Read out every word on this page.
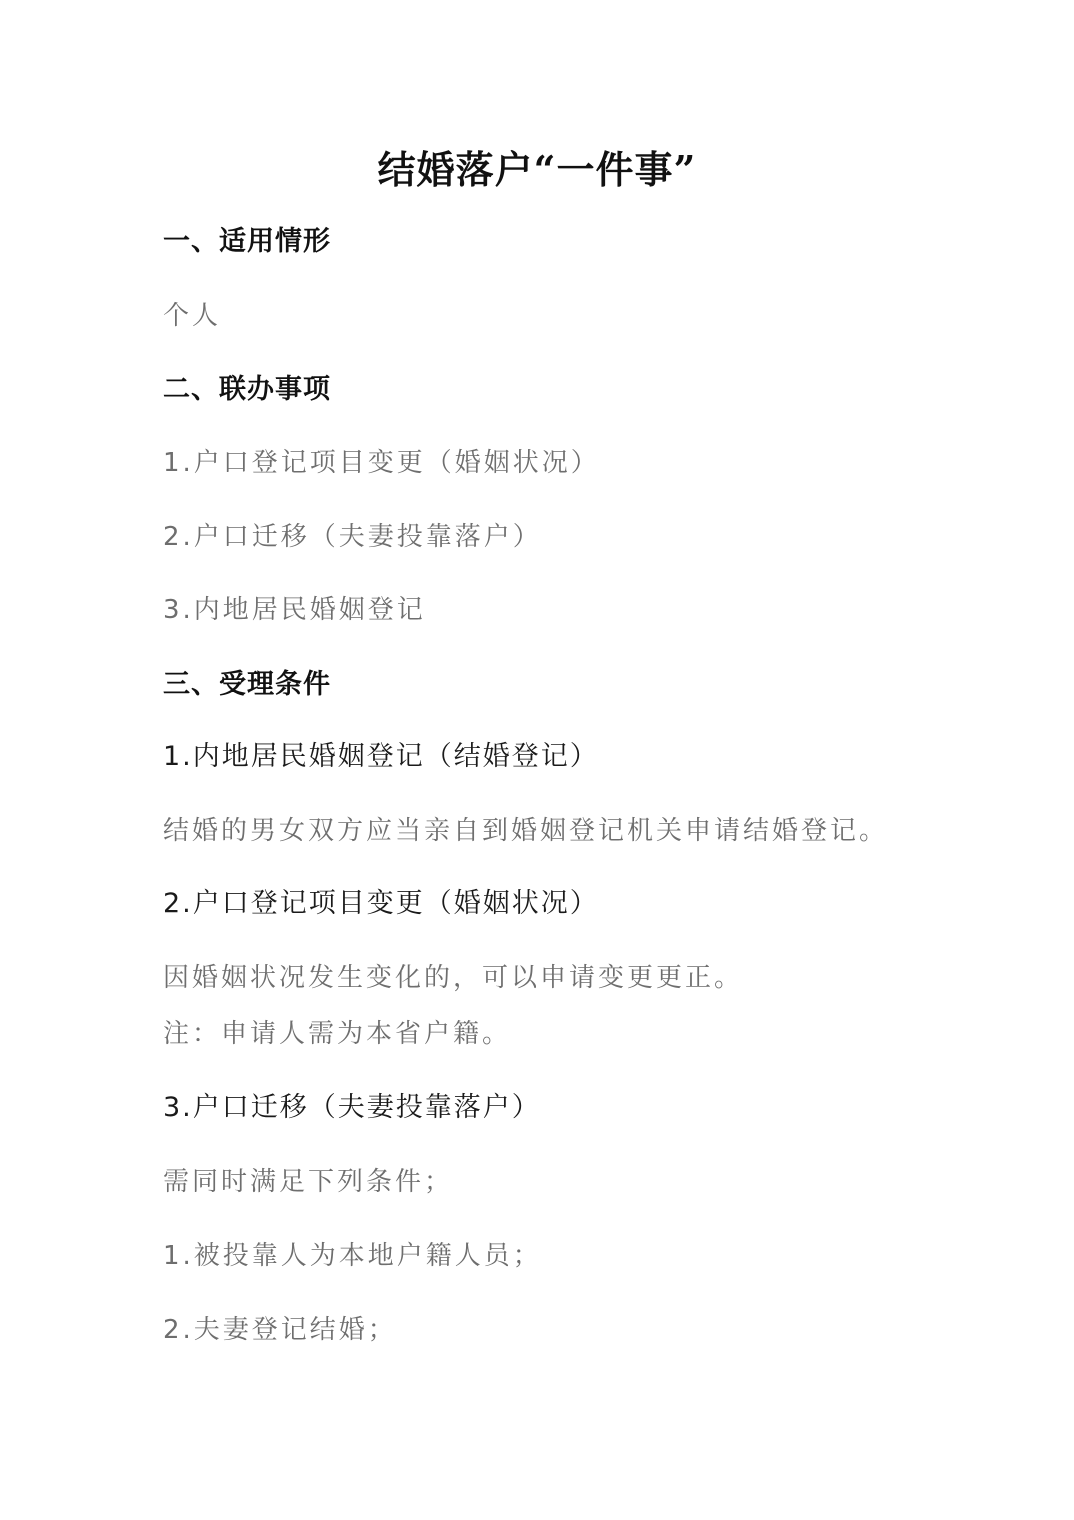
结婚落户“一件事”
一、适用情形
个人
二、联办事项
1.户口登记项目变更（婚姻状况）
2.户口迁移（夫妻投靠落户）
3.内地居民婚姻登记
三、受理条件
1.内地居民婚姻登记（结婚登记）
结婚的男女双方应当亲自到婚姻登记机关申请结婚登记。
2.户口登记项目变更（婚姻状况）
因婚姻状况发生变化的，可以申请变更更正。
注：申请人需为本省户籍。
3.户口迁移（夫妻投靠落户）
需同时满足下列条件；
1.被投靠人为本地户籍人员；
2.夫妻登记结婚；
